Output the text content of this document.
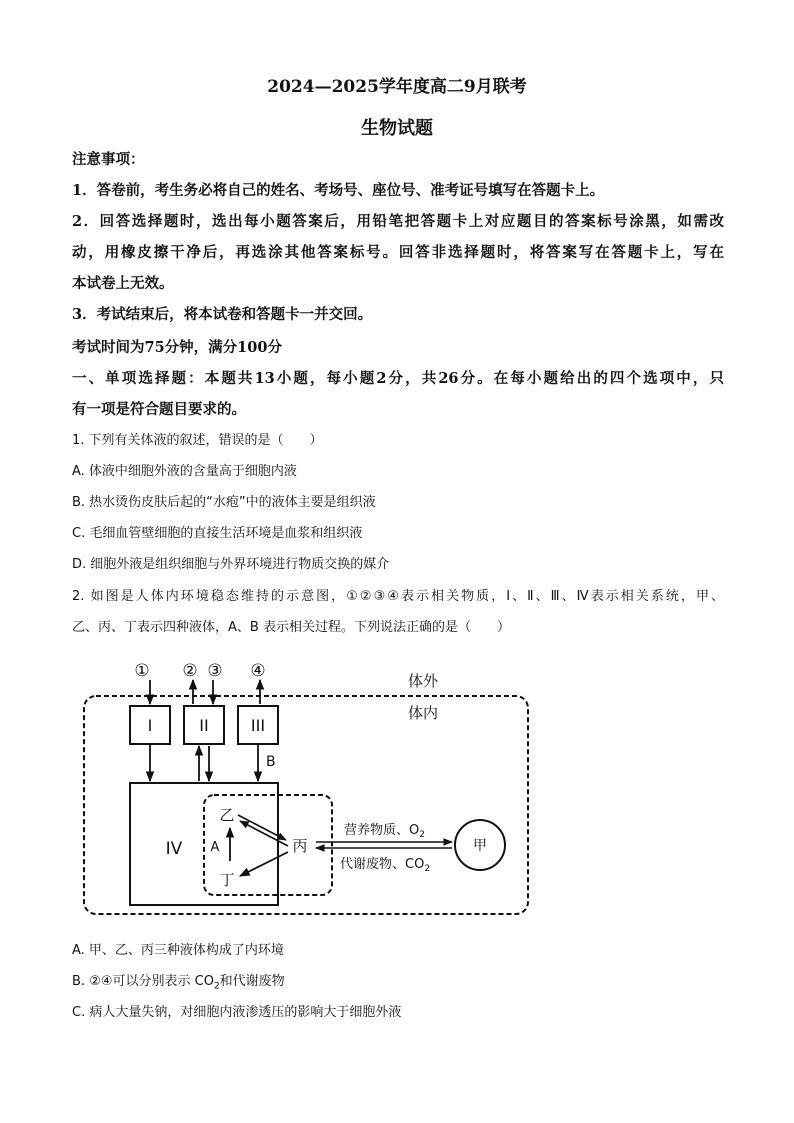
2024—2025学年度高二9月联考
生物试题
注意事项：
1．答卷前，考生务必将自己的姓名、考场号、座位号、准考证号填写在答题卡上。
2．回答选择题时，选出每小题答案后，用铅笔把答题卡上对应题目的答案标号涂黑，如需改
动，用橡皮擦干净后，再选涂其他答案标号。回答非选择题时，将答案写在答题卡上，写在
本试卷上无效。
3．考试结束后，将本试卷和答题卡一并交回。
考试时间为75分钟，满分100分
一、单项选择题：本题共13小题，每小题2分，共26分。在每小题给出的四个选项中，只
有一项是符合题目要求的。
1. 下列有关体液的叙述，错误的是（　　）
A. 体液中细胞外液的含量高于细胞内液
B. 热水烫伤皮肤后起的“水疱”中的液体主要是组织液
C. 毛细血管壁细胞的直接生活环境是血浆和组织液
D. 细胞外液是组织细胞与外界环境进行物质交换的媒介
2. 如图是人体内环境稳态维持的示意图，①②③④表示相关物质，Ⅰ、Ⅱ、Ⅲ、Ⅳ表示相关系统，甲、
乙、丙、丁表示四种液体，A、B 表示相关过程。下列说法正确的是（　　）
体外
体内
① ② ③ ④
I	II	III
B
IV
乙
丙
丁
A
营养物质、$O_2$
代谢废物、$CO_2$
甲
A. 甲、乙、丙三种液体构成了内环境
B. ②④可以分别表示 $CO_2$和代谢废物
C. 病人大量失钠，对细胞内液渗透压的影响大于细胞外液
